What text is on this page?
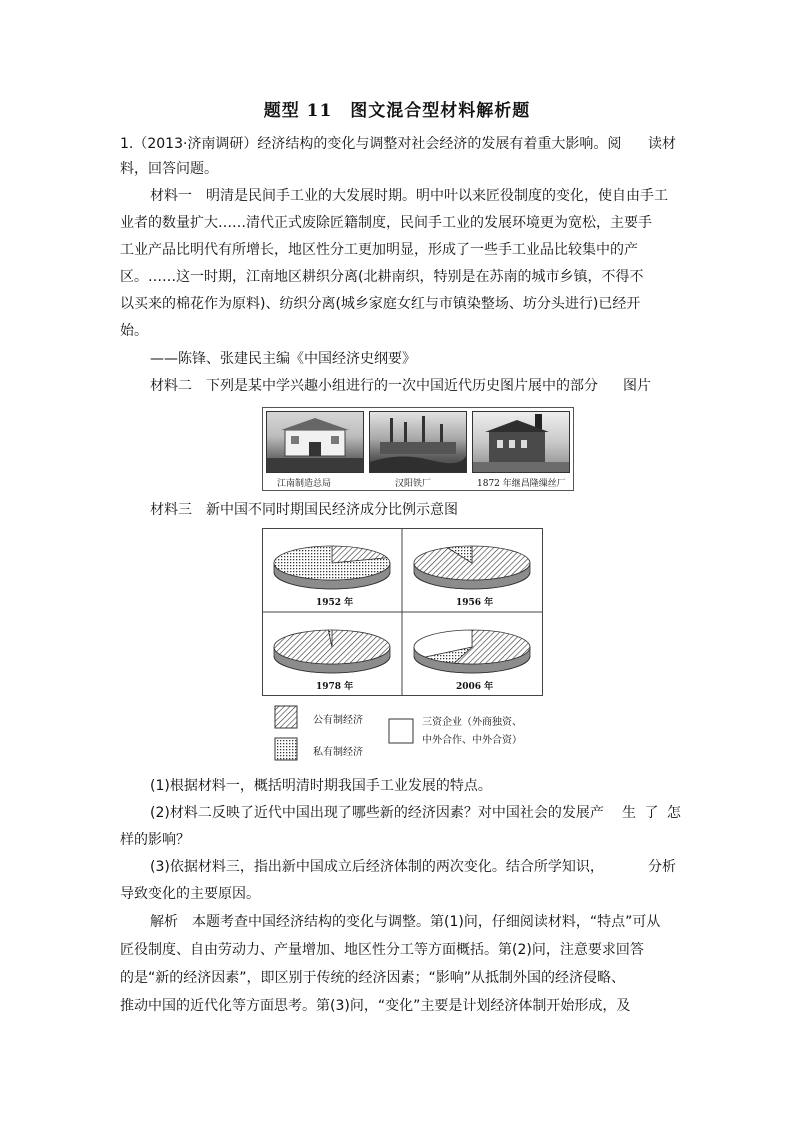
题型 11　图文混合型材料解析题
1.（2013·济南调研）经济结构的变化与调整对社会经济的发展有着重大影响。阅 读材
料，回答问题。
材料一　明清是民间手工业的大发展时期。明中叶以来匠役制度的变化，使自由手工
业者的数量扩大……清代正式废除匠籍制度，民间手工业的发展环境更为宽松，主要手
工业产品比明代有所增长，地区性分工更加明显，形成了一些手工业品比较集中的产
区。……这一时期，江南地区耕织分离(北耕南织，特别是在苏南的城市乡镇，不得不
以买来的棉花作为原料)、纺织分离(城乡家庭女红与市镇染整场、坊分头进行)已经开
始。
——陈锋、张建民主编《中国经济史纲要》
材料二　下列是某中学兴趣小组进行的一次中国近代历史图片展中的部分 图片
江南制造总局	汉阳铁厂	1872 年继昌隆缫丝厂
材料三　新中国不同时期国民经济成分比例示意图
1952 年	1956 年
1978 年	2006 年
公有制经济
私有制经济
三资企业（外商独资、
中外合作、中外合资）
(1)根据材料一，概括明清时期我国手工业发展的特点。
(2)材料二反映了近代中国出现了哪些新的经济因素？对中国社会的发展产 生 了 怎
样的影响？
(3)依据材料三，指出新中国成立后经济体制的两次变化。结合所学知识，	分析
导致变化的主要原因。
解析　本题考查中国经济结构的变化与调整。第(1)问，仔细阅读材料，“特点”可从
匠役制度、自由劳动力、产量增加、地区性分工等方面概括。第(2)问，注意要求回答
的是“新的经济因素”，即区别于传统的经济因素；“影响”从抵制外国的经济侵略、
推动中国的近代化等方面思考。第(3)问，“变化”主要是计划经济体制开始形成，及
